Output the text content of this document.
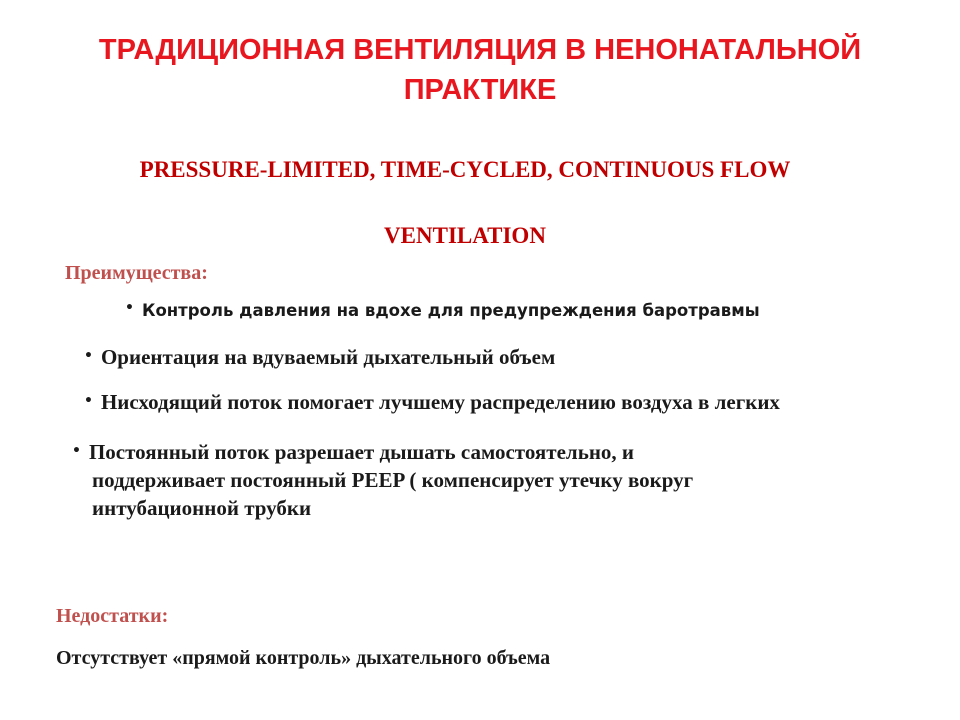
ТРАДИЦИОННАЯ ВЕНТИЛЯЦИЯ В НЕНОНАТАЛЬНОЙ ПРАКТИКЕ
PRESSURE-LIMITED, TIME-CYCLED, CONTINUOUS FLOW
VENTILATION
Преимущества:
• Контроль давления на вдохе для предупреждения баротравмы
• Ориентация на вдуваемый дыхательный объем
• Нисходящий поток помогает лучшему распределению воздуха в легких
• Постоянный поток разрешает дышать самостоятельно, и
поддерживает постоянный PEEP ( компенсирует утечку вокруг
интубационной трубки
Недостатки:
Отсутствует «прямой контроль» дыхательного объема
